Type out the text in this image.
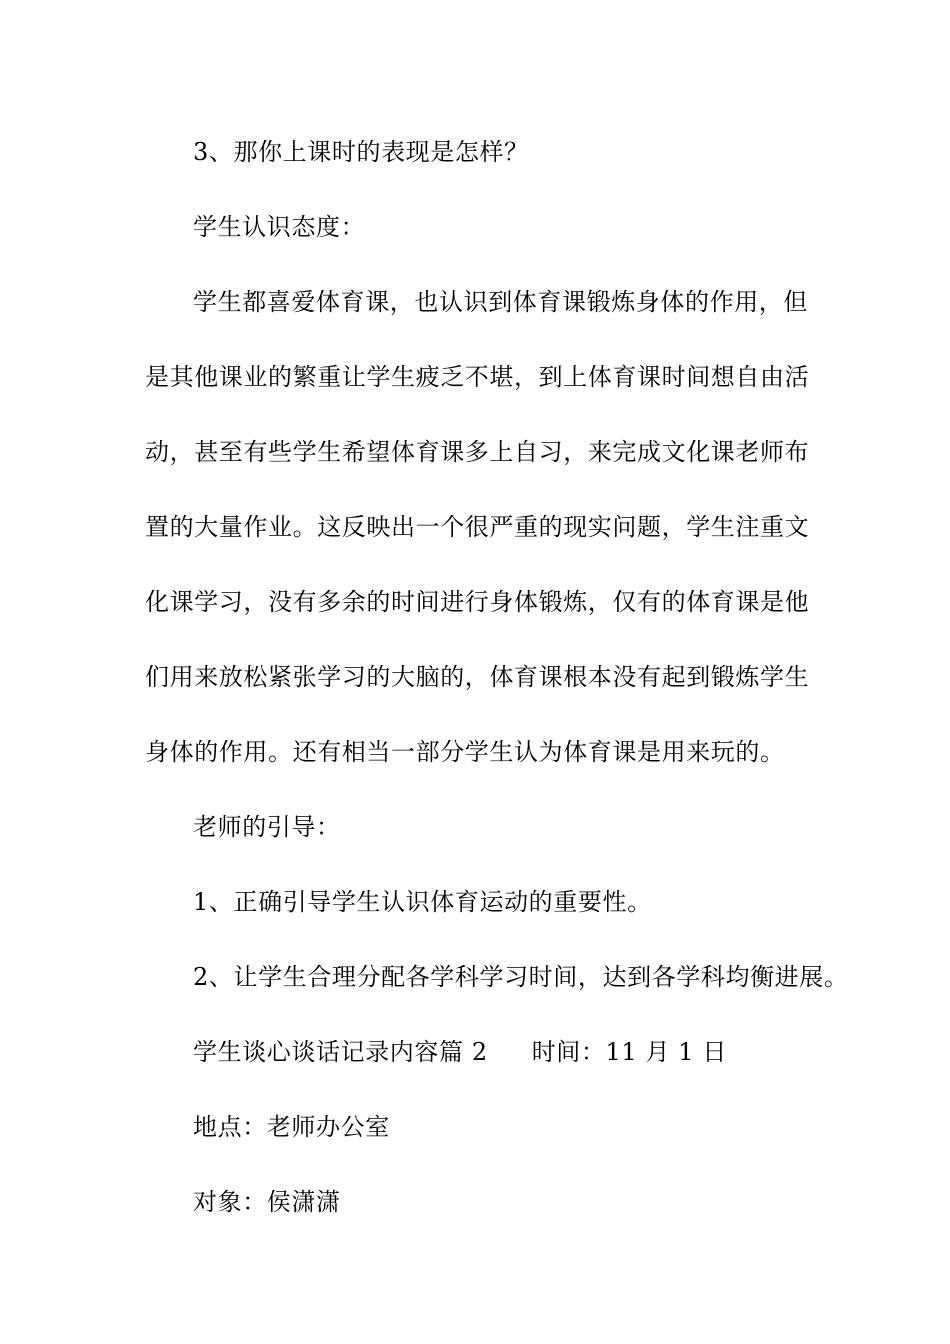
3、那你上课时的表现是怎样？
学生认识态度：
学生都喜爱体育课，也认识到体育课锻炼身体的作用，但
是其他课业的繁重让学生疲乏不堪，到上体育课时间想自由活
动，甚至有些学生希望体育课多上自习，来完成文化课老师布
置的大量作业。这反映出一个很严重的现实问题，学生注重文
化课学习，没有多余的时间进行身体锻炼，仅有的体育课是他
们用来放松紧张学习的大脑的，体育课根本没有起到锻炼学生
身体的作用。还有相当一部分学生认为体育课是用来玩的。
老师的引导：
1、正确引导学生认识体育运动的重要性。
2、让学生合理分配各学科学习时间，达到各学科均衡进展。
学生谈心谈话记录内容篇 2 时间：11 月 1 日
地点：老师办公室
对象：侯潇潇
